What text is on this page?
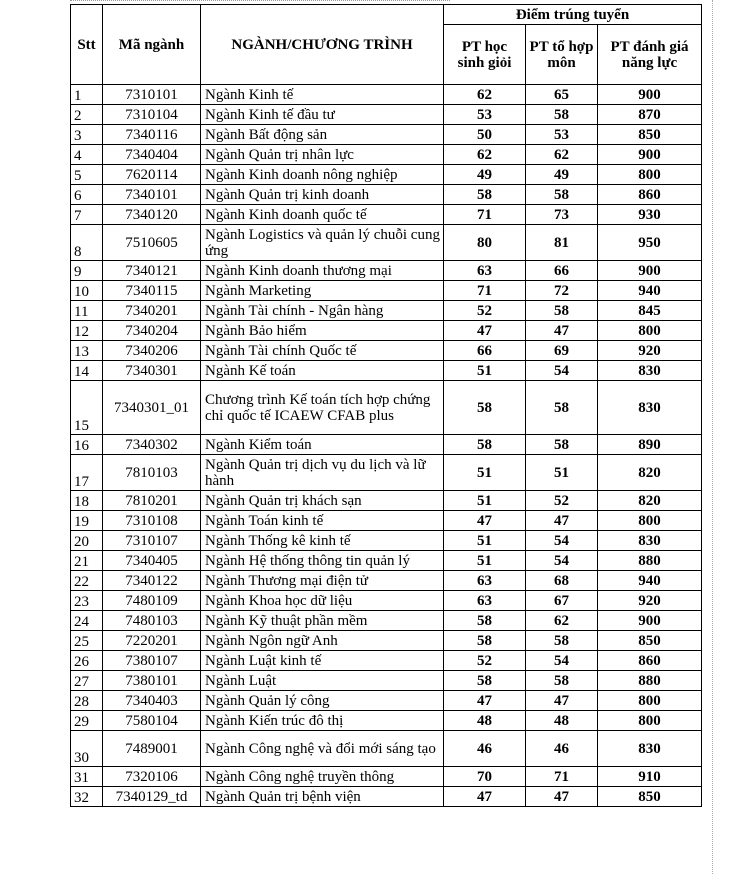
Stt	Mã ngành	NGÀNH/CHƯƠNG TRÌNH	Điểm trúng tuyển		
			PT học sinh giỏi	PT tổ hợp môn	PT đánh giá năng lực
1	7310101	Ngành Kinh tế	62	65	900
2	7310104	Ngành Kinh tế đầu tư	53	58	870
3	7340116	Ngành Bất động sản	50	53	850
4	7340404	Ngành Quản trị nhân lực	62	62	900
5	7620114	Ngành Kinh doanh nông nghiệp	49	49	800
6	7340101	Ngành Quản trị kinh doanh	58	58	860
7	7340120	Ngành Kinh doanh quốc tế	71	73	930
8	7510605	Ngành Logistics và quản lý chuỗi cung ứng	80	81	950
9	7340121	Ngành Kinh doanh thương mại	63	66	900
10	7340115	Ngành Marketing	71	72	940
11	7340201	Ngành Tài chính - Ngân hàng	52	58	845
12	7340204	Ngành Bảo hiểm	47	47	800
13	7340206	Ngành Tài chính Quốc tế	66	69	920
14	7340301	Ngành Kế toán	51	54	830
15	7340301_01	Chương trình Kế toán tích hợp chứng chỉ quốc tế ICAEW CFAB plus	58	58	830
16	7340302	Ngành Kiểm toán	58	58	890
17	7810103	Ngành Quản trị dịch vụ du lịch và lữ hành	51	51	820
18	7810201	Ngành Quản trị khách sạn	51	52	820
19	7310108	Ngành Toán kinh tế	47	47	800
20	7310107	Ngành Thống kê kinh tế	51	54	830
21	7340405	Ngành Hệ thống thông tin quản lý	51	54	880
22	7340122	Ngành Thương mại điện tử	63	68	940
23	7480109	Ngành Khoa học dữ liệu	63	67	920
24	7480103	Ngành Kỹ thuật phần mềm	58	62	900
25	7220201	Ngành Ngôn ngữ Anh	58	58	850
26	7380107	Ngành Luật kinh tế	52	54	860
27	7380101	Ngành Luật	58	58	880
28	7340403	Ngành Quản lý công	47	47	800
29	7580104	Ngành Kiến trúc đô thị	48	48	800
30	7489001	Ngành Công nghệ và đổi mới sáng tạo	46	46	830
31	7320106	Ngành Công nghệ truyền thông	70	71	910
32	7340129_td	Ngành Quản trị bệnh viện	47	47	850
